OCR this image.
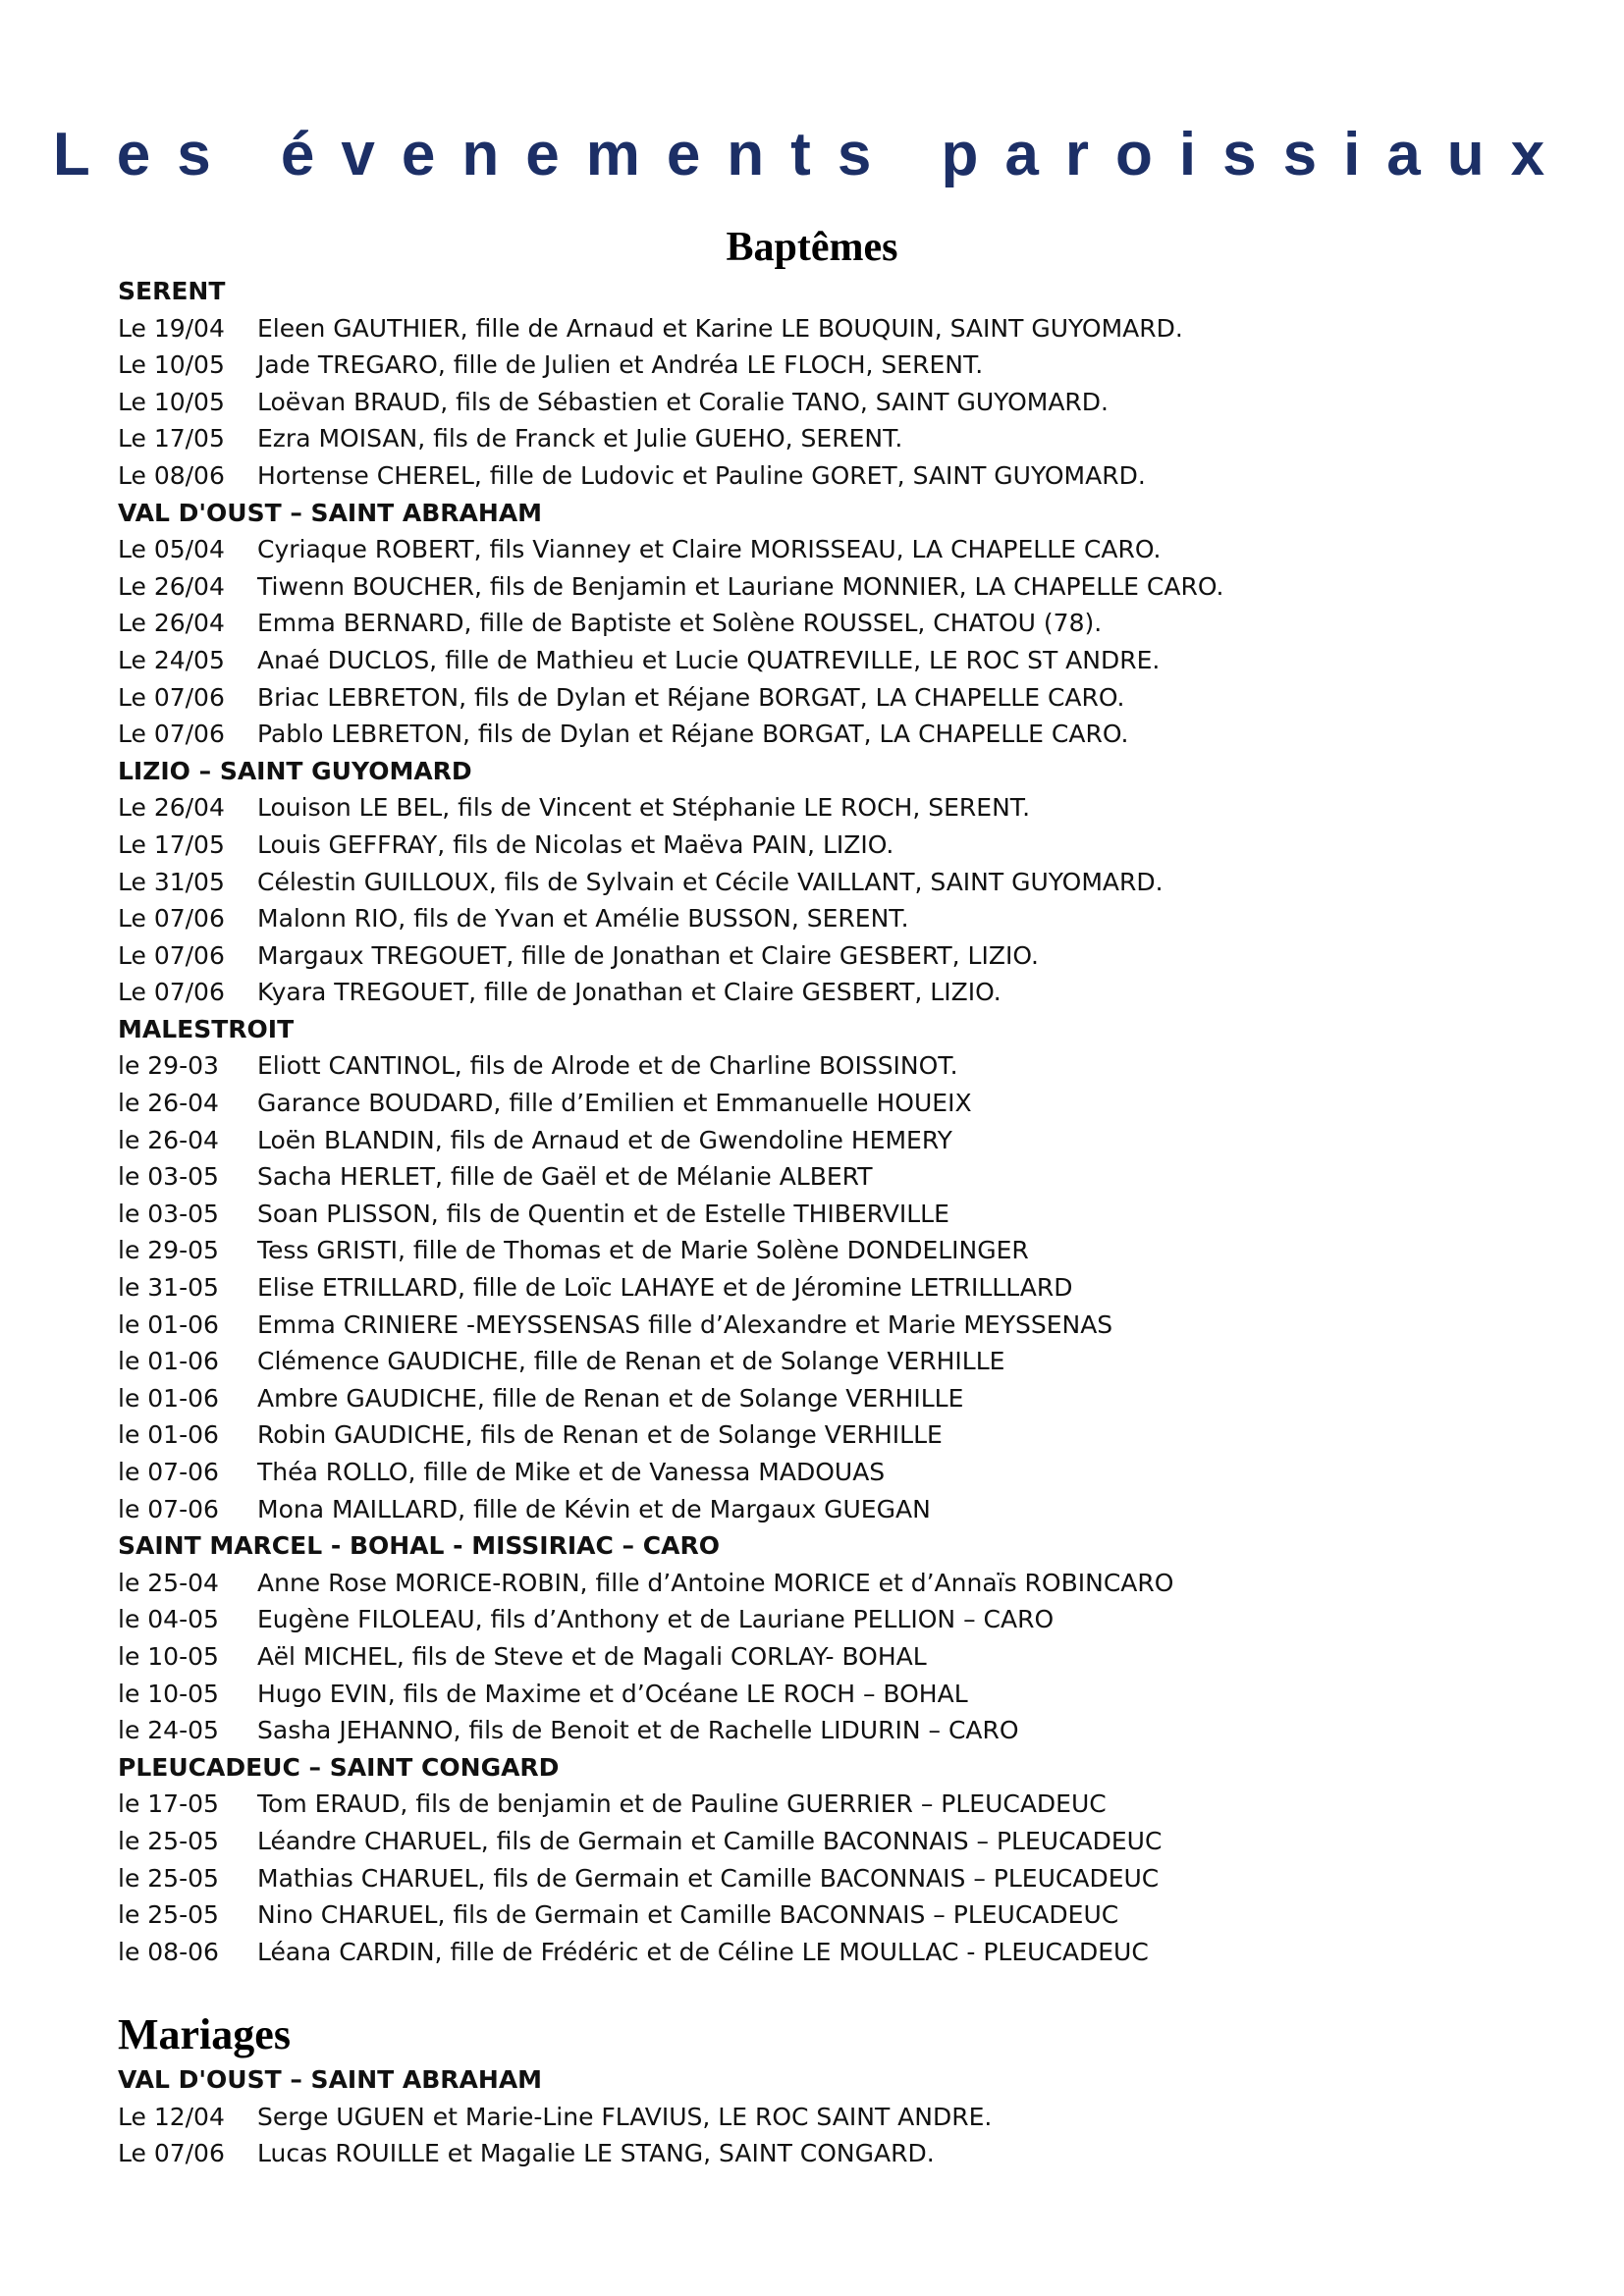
Les évenements paroissiaux
Baptêmes
SERENT
Le 19/04	Eleen GAUTHIER, fille de Arnaud et Karine LE BOUQUIN, SAINT GUYOMARD.
Le 10/05	Jade TREGARO, fille de Julien et Andréa LE FLOCH, SERENT.
Le 10/05	Loëvan BRAUD, fils de Sébastien et Coralie TANO, SAINT GUYOMARD.
Le 17/05	Ezra MOISAN, fils de Franck et Julie GUEHO, SERENT.
Le 08/06	Hortense CHEREL, fille de Ludovic et Pauline GORET, SAINT GUYOMARD.
VAL D'OUST – SAINT ABRAHAM
Le 05/04	Cyriaque ROBERT, fils Vianney et Claire MORISSEAU, LA CHAPELLE CARO.
Le 26/04	Tiwenn BOUCHER, fils de Benjamin et Lauriane MONNIER, LA CHAPELLE CARO.
Le 26/04	Emma BERNARD, fille de Baptiste et Solène ROUSSEL, CHATOU (78).
Le 24/05	Anaé DUCLOS, fille de Mathieu et Lucie QUATREVILLE, LE ROC ST ANDRE.
Le 07/06	Briac LEBRETON, fils de Dylan et Réjane BORGAT, LA CHAPELLE CARO.
Le 07/06	Pablo LEBRETON, fils de Dylan et Réjane BORGAT, LA CHAPELLE CARO.
LIZIO – SAINT GUYOMARD
Le 26/04	Louison LE BEL, fils de Vincent et Stéphanie LE ROCH, SERENT.
Le 17/05	Louis GEFFRAY, fils de Nicolas et Maëva PAIN, LIZIO.
Le 31/05	Célestin GUILLOUX, fils de Sylvain et Cécile VAILLANT, SAINT GUYOMARD.
Le 07/06	Malonn RIO, fils de Yvan et Amélie BUSSON, SERENT.
Le 07/06	Margaux TREGOUET, fille de Jonathan et Claire GESBERT, LIZIO.
Le 07/06	Kyara TREGOUET, fille de Jonathan et Claire GESBERT, LIZIO.
MALESTROIT
le 29-03	Eliott CANTINOL, fils de Alrode et de Charline BOISSINOT.
le 26-04	Garance BOUDARD, fille d’Emilien et Emmanuelle HOUEIX
le 26-04	Loën BLANDIN, fils de Arnaud et de Gwendoline HEMERY
le 03-05	Sacha HERLET, fille de Gaël et de Mélanie ALBERT
le 03-05	Soan PLISSON, fils de Quentin et de Estelle THIBERVILLE
le 29-05	Tess GRISTI, fille de Thomas et de Marie Solène DONDELINGER
le 31-05	Elise ETRILLARD, fille de Loïc LAHAYE et de Jéromine LETRILLLARD
le 01-06	Emma CRINIERE -MEYSSENSAS fille d’Alexandre et Marie MEYSSENAS
le 01-06	Clémence GAUDICHE, fille de Renan et de Solange VERHILLE
le 01-06	Ambre GAUDICHE, fille de Renan et de Solange VERHILLE
le 01-06	Robin GAUDICHE, fils de Renan et de Solange VERHILLE
le 07-06	Théa ROLLO, fille de Mike et de Vanessa MADOUAS
le 07-06	Mona MAILLARD, fille de Kévin et de Margaux GUEGAN
SAINT MARCEL - BOHAL - MISSIRIAC – CARO
le 25-04	Anne Rose MORICE-ROBIN, fille d’Antoine MORICE et d’Annaïs ROBINCARO
le 04-05	Eugène FILOLEAU, fils d’Anthony et de Lauriane PELLION – CARO
le 10-05	Aël MICHEL, fils de Steve et de Magali CORLAY- BOHAL
le 10-05	Hugo EVIN, fils de Maxime et d’Océane LE ROCH – BOHAL
le 24-05	Sasha JEHANNO, fils de Benoit et de Rachelle LIDURIN – CARO
PLEUCADEUC – SAINT CONGARD
le 17-05	Tom ERAUD, fils de benjamin et de Pauline GUERRIER – PLEUCADEUC
le 25-05	Léandre CHARUEL, fils de Germain et Camille BACONNAIS – PLEUCADEUC
le 25-05	Mathias CHARUEL, fils de Germain et Camille BACONNAIS – PLEUCADEUC
le 25-05	Nino CHARUEL, fils de Germain et Camille BACONNAIS – PLEUCADEUC
le 08-06	Léana CARDIN, fille de Frédéric et de Céline LE MOULLAC - PLEUCADEUC
Mariages
VAL D'OUST – SAINT ABRAHAM
Le 12/04	Serge UGUEN et Marie-Line FLAVIUS, LE ROC SAINT ANDRE.
Le 07/06	Lucas ROUILLE et Magalie LE STANG, SAINT CONGARD.
